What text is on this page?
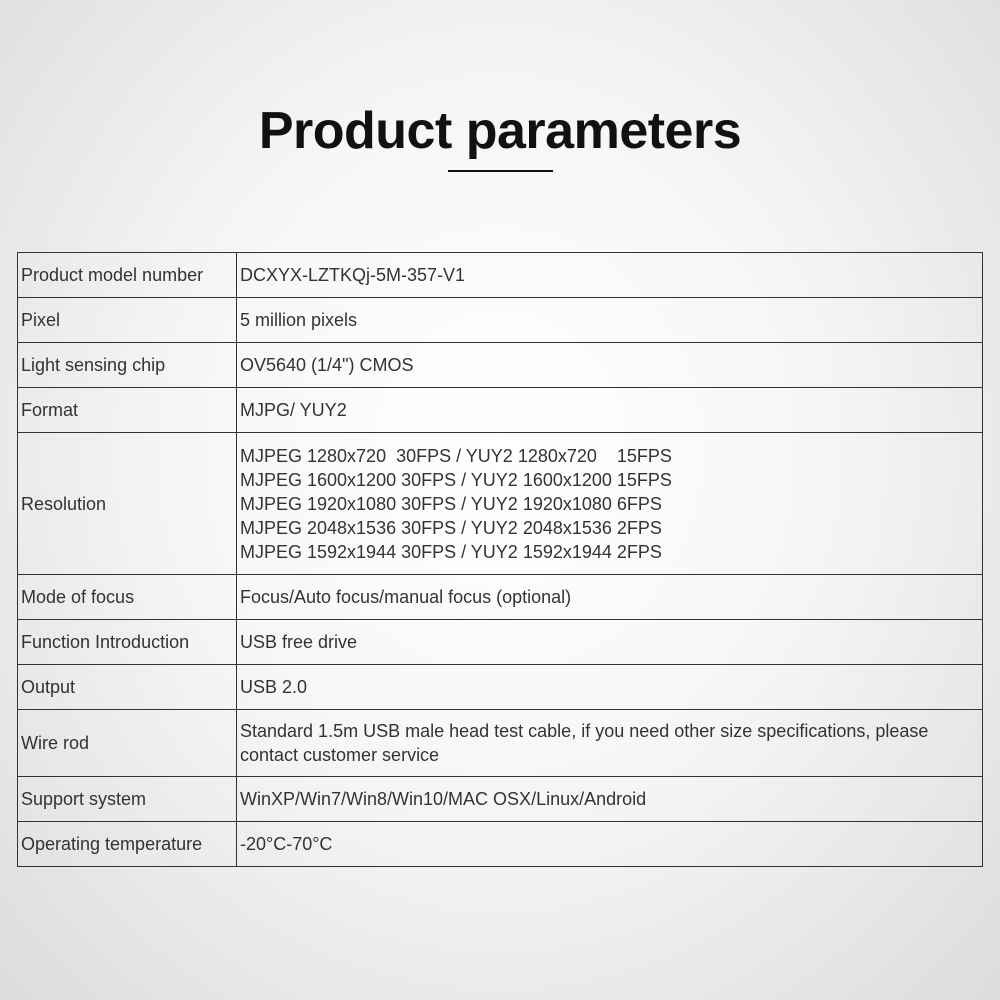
Product parameters
Product model number	DCXYX-LZTKQj-5M-357-V1
Pixel	5 million pixels
Light sensing chip	OV5640 (1/4") CMOS
Format	MJPG/ YUY2
Resolution	MJPEG 1280x720  30FPS / YUY2 1280x720    15FPS
MJPEG 1600x1200 30FPS / YUY2 1600x1200 15FPS
MJPEG 1920x1080 30FPS / YUY2 1920x1080 6FPS
MJPEG 2048x1536 30FPS / YUY2 2048x1536 2FPS
MJPEG 1592x1944 30FPS / YUY2 1592x1944 2FPS

Mode of focus	Focus/Auto focus/manual focus (optional)
Function Introduction	USB free drive
Output	USB 2.0
Wire rod	Standard 1.5m USB male head test cable, if you need other size specifications, please
contact customer service

Support system	WinXP/Win7/Win8/Win10/MAC OSX/Linux/Android
Operating temperature	-20°C-70°C
